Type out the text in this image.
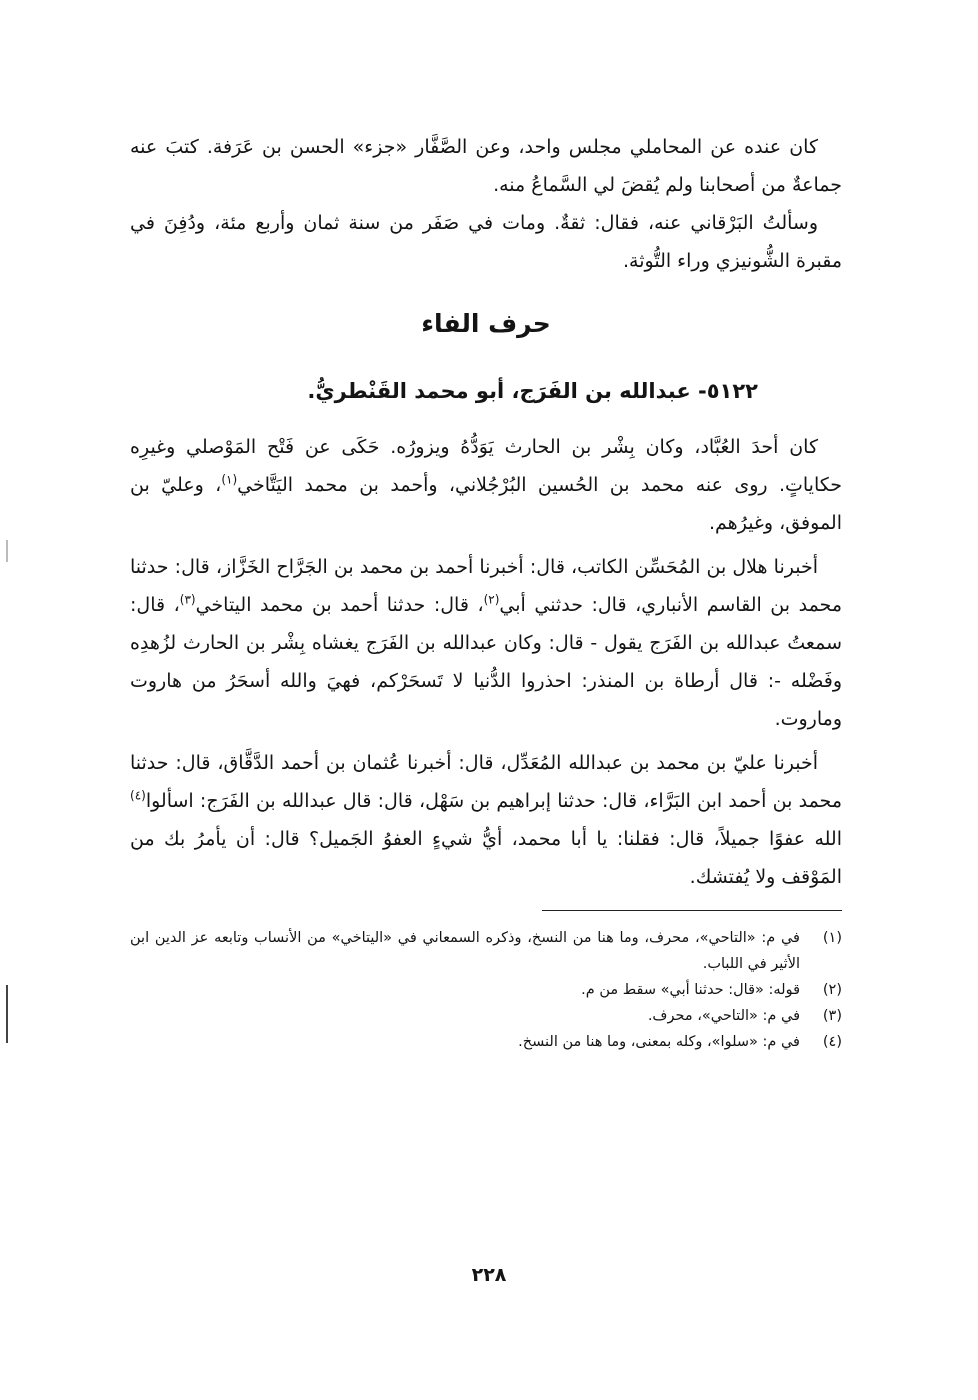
كان عنده عن المحاملي مجلس واحد، وعن الصَّفَّار «جزء» الحسن بن عَرَفة. كتبَ عنه جماعةٌ من أصحابنا ولم يُقضَ لي السَّماعُ منه.

وسألتُ البَرْقاني عنه، فقال: ثقةٌ. ومات في صَفَر من سنة ثمان وأربع مئة، ودُفِنَ في مقبرة الشُّونيزي وراء التُّوثة.

حرف الفاء
٥١٢٢- عبدالله بن الفَرَج، أبو محمد القَنْطريُّ.

كان أحدَ العُبَّاد، وكان بِشْر بن الحارث يَوَدُّهُ ويزورُه. حَكَى عن فَتْح المَوْصلي وغيرِه حكاياتٍ. روى عنه محمد بن الحُسين البُرْجُلاني، وأحمد بن محمد اليَتَّاخي$^{(١)}$، وعليّ بن الموفق، وغيرُهم.

أخبرنا هلال بن المُحَسِّن الكاتب، قال: أخبرنا أحمد بن محمد بن الجَرَّاح الخَزَّاز، قال: حدثنا محمد بن القاسم الأنباري، قال: حدثني أبي$^{(٢)}$، قال: حدثنا أحمد بن محمد اليتاخي$^{(٣)}$، قال: سمعتُ عبدالله بن الفَرَج يقول - قال: وكان عبدالله بن الفَرَج يغشاه بِشْر بن الحارث لزُهدِه وفَضْله -: قال أرطاة بن المنذر: احذروا الدُّنيا لا تَسحَرْكم، فهيَ والله أسحَرُ من هاروت وماروت.

أخبرنا عليّ بن محمد بن عبدالله المُعَدِّل، قال: أخبرنا عُثمان بن أحمد الدَّقَّاق، قال: حدثنا محمد بن أحمد ابن البَرَّاء، قال: حدثنا إبراهيم بن سَهْل، قال: قال عبدالله بن الفَرَج: اسألوا$^{(٤)}$ الله عفوًا جميلاً، قال: فقلنا: يا أبا محمد، أيُّ شيءٍ العفوُ الجَميل؟ قال: أن يأمرُ بك من المَوْقف ولا يُفتشك.

(١)
في م: «التاحي»، محرف، وما هنا من النسخ، وذكره السمعاني في «اليتاخي» من الأنساب وتابعه عز الدين ابن الأثير في اللباب.
(٢)
قوله: «قال: حدثنا أبي» سقط من م.
(٣)
في م: «التاحي»، محرف.
(٤)
في م: «سلوا»، وكله بمعنى، وما هنا من النسخ.
٢٢٨
